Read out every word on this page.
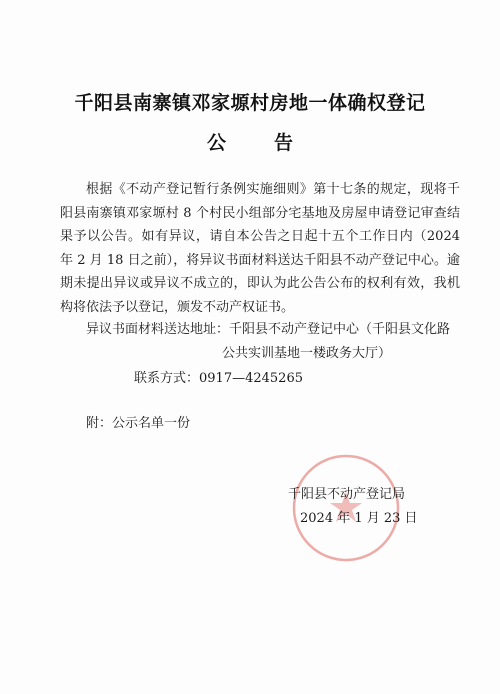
千阳县南寨镇邓家塬村房地一体确权登记
公告
根据《不动产登记暂行条例实施细则》第十七条的规定，现将千阳县南寨镇邓家塬村 8 个村民小组部分宅基地及房屋申请登记审查结果予以公告。如有异议，请自本公告之日起十五个工作日内（2024 年 2 月 18 日之前），将异议书面材料送达千阳县不动产登记中心。逾期未提出异议或异议不成立的，即认为此公告公布的权利有效，我机构将依法予以登记，颁发不动产权证书。
异议书面材料送达地址：千阳县不动产登记中心（千阳县文化路
公共实训基地一楼政务大厅）
联系方式：0917—4245265
附：公示名单一份
千阳县不动产登记局
2024 年 1 月 23 日
